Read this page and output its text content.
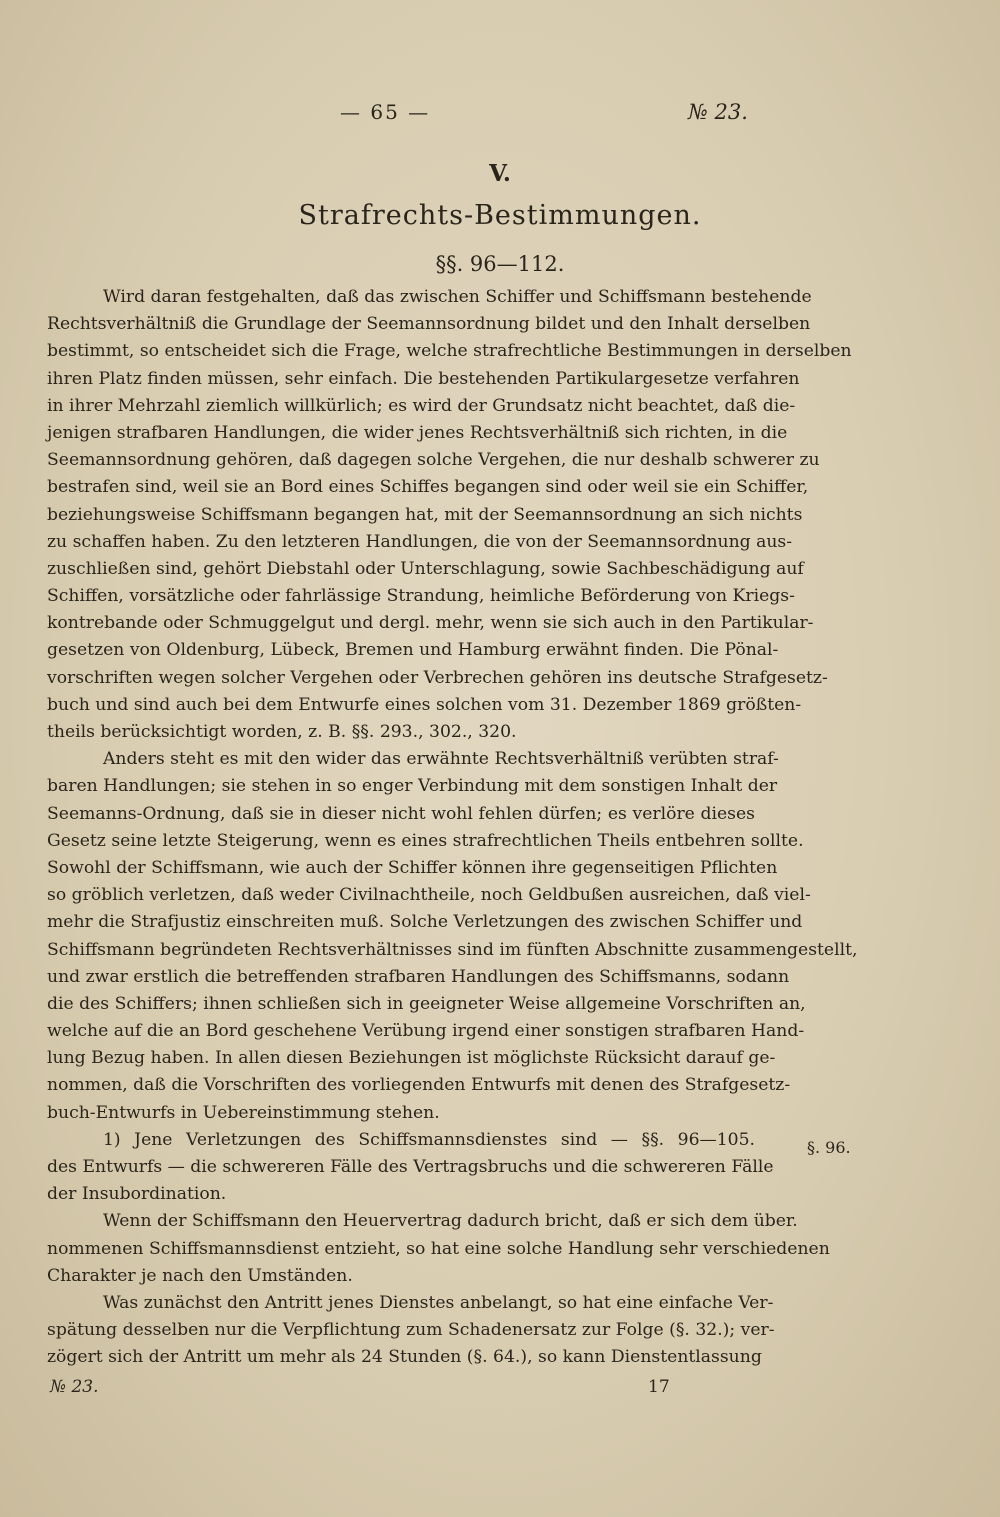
— 65 —	№ 23.
V.
Strafrechts-Bestimmungen.
§§. 96—112.
Wird daran festgehalten, daß das zwischen Schiffer und Schiffsmann bestehende
Rechtsverhältniß die Grundlage der Seemannsordnung bildet und den Inhalt derselben
bestimmt, so entscheidet sich die Frage, welche strafrechtliche Bestimmungen in derselben
ihren Platz finden müssen, sehr einfach. Die bestehenden Partikulargesetze verfahren
in ihrer Mehrzahl ziemlich willkürlich; es wird der Grundsatz nicht beachtet, daß die-
jenigen strafbaren Handlungen, die wider jenes Rechtsverhältniß sich richten, in die
Seemannsordnung gehören, daß dagegen solche Vergehen, die nur deshalb schwerer zu
bestrafen sind, weil sie an Bord eines Schiffes begangen sind oder weil sie ein Schiffer,
beziehungsweise Schiffsmann begangen hat, mit der Seemannsordnung an sich nichts
zu schaffen haben. Zu den letzteren Handlungen, die von der Seemannsordnung aus-
zuschließen sind, gehört Diebstahl oder Unterschlagung, sowie Sachbeschädigung auf
Schiffen, vorsätzliche oder fahrlässige Strandung, heimliche Beförderung von Kriegs-
kontrebande oder Schmuggelgut und dergl. mehr, wenn sie sich auch in den Partikular-
gesetzen von Oldenburg, Lübeck, Bremen und Hamburg erwähnt finden. Die Pönal-
vorschriften wegen solcher Vergehen oder Verbrechen gehören ins deutsche Strafgesetz-
buch und sind auch bei dem Entwurfe eines solchen vom 31. Dezember 1869 größten-
theils berücksichtigt worden, z. B. §§. 293., 302., 320.
Anders steht es mit den wider das erwähnte Rechtsverhältniß verübten straf-
baren Handlungen; sie stehen in so enger Verbindung mit dem sonstigen Inhalt der
Seemanns-Ordnung, daß sie in dieser nicht wohl fehlen dürfen; es verlöre dieses
Gesetz seine letzte Steigerung, wenn es eines strafrechtlichen Theils entbehren sollte.
Sowohl der Schiffsmann, wie auch der Schiffer können ihre gegenseitigen Pflichten
so gröblich verletzen, daß weder Civilnachtheile, noch Geldbußen ausreichen, daß viel-
mehr die Strafjustiz einschreiten muß. Solche Verletzungen des zwischen Schiffer und
Schiffsmann begründeten Rechtsverhältnisses sind im fünften Abschnitte zusammengestellt,
und zwar erstlich die betreffenden strafbaren Handlungen des Schiffsmanns, sodann
die des Schiffers; ihnen schließen sich in geeigneter Weise allgemeine Vorschriften an,
welche auf die an Bord geschehene Verübung irgend einer sonstigen strafbaren Hand-
lung Bezug haben. In allen diesen Beziehungen ist möglichste Rücksicht darauf ge-
nommen, daß die Vorschriften des vorliegenden Entwurfs mit denen des Strafgesetz-
buch-Entwurfs in Uebereinstimmung stehen.
1) Jene Verletzungen des Schiffsmannsdienstes sind — §§. 96—105.
des Entwurfs — die schwereren Fälle des Vertragsbruchs und die schwereren Fälle
der Insubordination.
Wenn der Schiffsmann den Heuervertrag dadurch bricht, daß er sich dem über.
nommenen Schiffsmannsdienst entzieht, so hat eine solche Handlung sehr verschiedenen
Charakter je nach den Umständen.
Was zunächst den Antritt jenes Dienstes anbelangt, so hat eine einfache Ver-
spätung desselben nur die Verpflichtung zum Schadenersatz zur Folge (§. 32.); ver-
zögert sich der Antritt um mehr als 24 Stunden (§. 64.), so kann Dienstentlassung
§. 96.
№ 23.	17
